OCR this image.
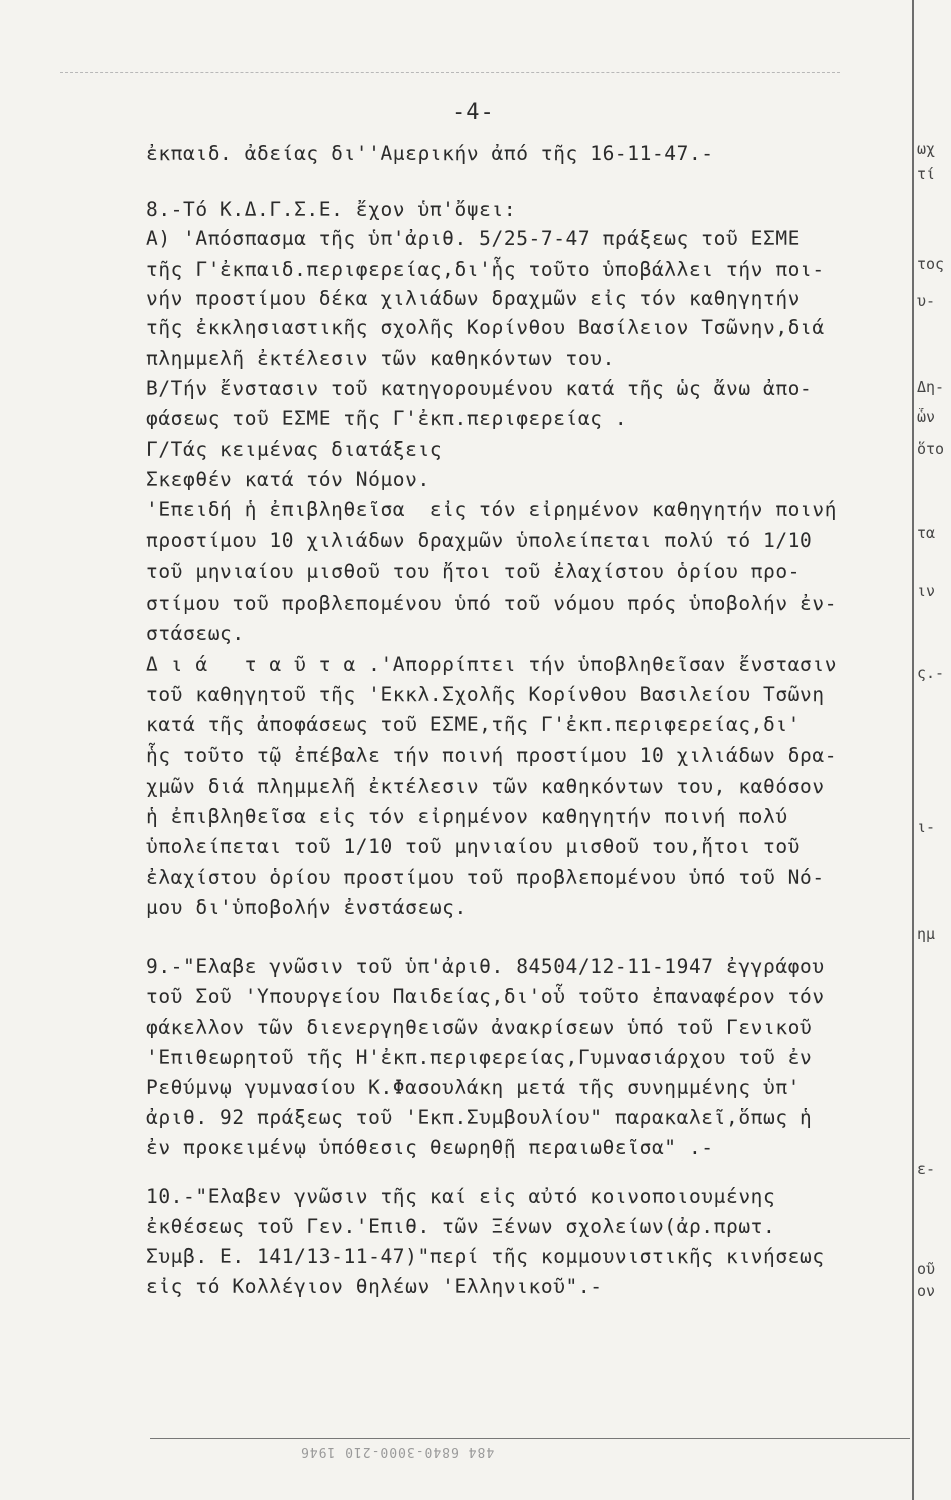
-4-

ἐκπαιδ. ἀδείας δι''Αμερικήν ἀπό τῆς 16-11-47.-

8.-Τό Κ.Δ.Γ.Σ.Ε. ἔχον ὑπ'ὄψει:

Α) 'Απόσπασμα τῆς ὑπ'ἀριθ. 5/25-7-47 πράξεως τοῦ ΕΣΜΕ

τῆς Γ'ἐκπαιδ.περιφερείας,δι'ἧς τοῦτο ὑποβάλλει τήν ποι-

νήν προστίμου δέκα χιλιάδων δραχμῶν εἰς τόν καθηγητήν

τῆς ἐκκλησιαστικῆς σχολῆς Κορίνθου Βασίλειον Τσῶνην,διά

πλημμελῆ ἐκτέλεσιν τῶν καθηκόντων του.

Β/Τήν ἔνστασιν τοῦ κατηγορουμένου κατά τῆς ὡς ἄνω ἀπο-

φάσεως τοῦ ΕΣΜΕ τῆς Γ'ἐκπ.περιφερείας .

Γ/Τάς κειμένας διατάξεις

Σκεφθέν κατά τόν Νόμον.

'Επειδή ἡ ἐπιβληθεῖσα  εἰς τόν εἰρημένον καθηγητήν ποινή

προστίμου 10 χιλιάδων δραχμῶν ὑπολείπεται πολύ τό 1/10

τοῦ μηνιαίου μισθοῦ του ἤτοι τοῦ ἐλαχίστου ὁρίου προ-

στίμου τοῦ προβλεπομένου ὑπό τοῦ νόμου πρός ὑποβολήν ἐν-

στάσεως.

Δ ι ά   τ α ῦ τ α .'Απορρίπτει τήν ὑποβληθεῖσαν ἔνστασιν

τοῦ καθηγητοῦ τῆς 'Εκκλ.Σχολῆς Κορίνθου Βασιλείου Τσῶνη

κατά τῆς ἀποφάσεως τοῦ ΕΣΜΕ,τῆς Γ'ἐκπ.περιφερείας,δι'

ἧς τοῦτο τῷ ἐπέβαλε τήν ποινή προστίμου 10 χιλιάδων δρα-

χμῶν διά πλημμελῆ ἐκτέλεσιν τῶν καθηκόντων του, καθόσον

ἡ ἐπιβληθεῖσα εἰς τόν εἰρημένον καθηγητήν ποινή πολύ

ὑπολείπεται τοῦ 1/10 τοῦ μηνιαίου μισθοῦ του,ἤτοι τοῦ

ἐλαχίστου ὁρίου προστίμου τοῦ προβλεπομένου ὑπό τοῦ Νό-

μου δι'ὑποβολήν ἐνστάσεως.

9.-"Ελαβε γνῶσιν τοῦ ὑπ'ἀριθ. 84504/12-11-1947 ἐγγράφου

τοῦ Σοῦ 'Υπουργείου Παιδείας,δι'οὗ τοῦτο ἐπαναφέρον τόν

φάκελλον τῶν διενεργηθεισῶν ἀνακρίσεων ὑπό τοῦ Γενικοῦ

'Επιθεωρητοῦ τῆς Η'ἐκπ.περιφερείας,Γυμνασιάρχου τοῦ ἐν

Ρεθύμνῳ γυμνασίου Κ.Φασουλάκη μετά τῆς συνημμένης ὑπ'

ἀριθ. 92 πράξεως τοῦ 'Εκπ.Συμβουλίου" παρακαλεῖ,ὅπως ἡ

ἐν προκειμένῳ ὑπόθεσις θεωρηθῇ περαιωθεῖσα" .-

10.-"Ελαβεν γνῶσιν τῆς καί εἰς αὐτό κοινοποιουμένης

ἐκθέσεως τοῦ Γεν.'Επιθ. τῶν Ξένων σχολείων(ἀρ.πρωτ.

Συμβ. Ε. 141/13-11-47)"περί τῆς κομμουνιστικῆς κινήσεως

εἰς τό Κολλέγιον θηλέων 'Ελληνικοῦ".-

ωχ
τί
τος
υ-
Δη-
ὧν
ὅτο
τα
ιν
ς.-
ι-
ημ
ε-
οῦ
ον
484 6840-3000-210 1946
